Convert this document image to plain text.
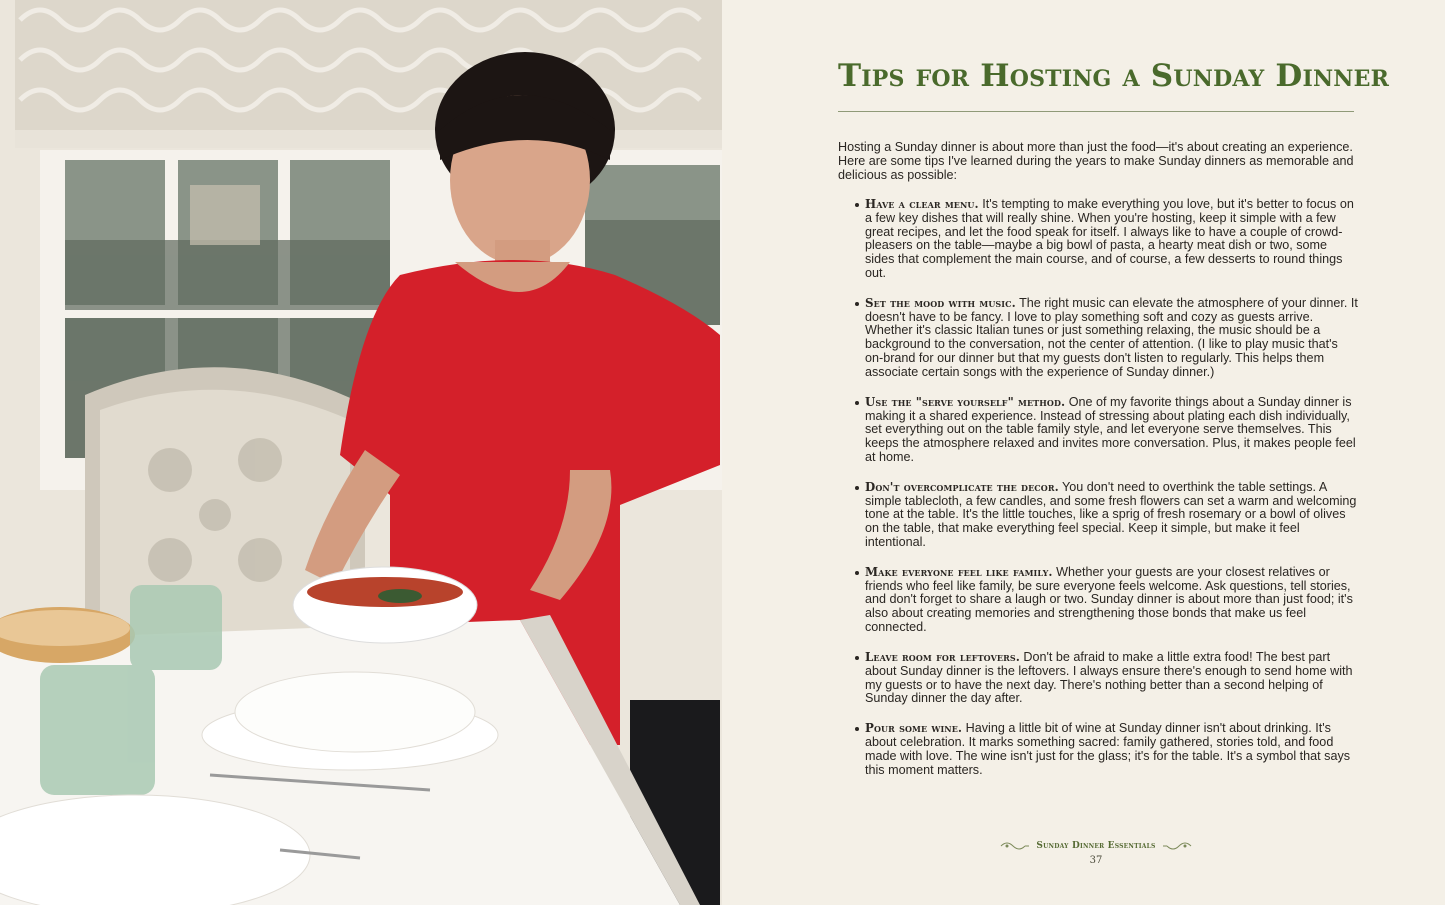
Tips for Hosting a Sunday Dinner

Hosting a Sunday dinner is about more than just the food—it's about creating an experience. Here are some tips I've learned during the years to make Sunday dinners as memorable and delicious as possible:

Have a clear menu. It's tempting to make everything you love, but it's better to focus on a few key dishes that will really shine. When you're hosting, keep it simple with a few great recipes, and let the food speak for itself. I always like to have a couple of crowd-pleasers on the table—maybe a big bowl of pasta, a hearty meat dish or two, some sides that complement the main course, and of course, a few desserts to round things out.
Set the mood with music. The right music can elevate the atmosphere of your dinner. It doesn't have to be fancy. I love to play something soft and cozy as guests arrive. Whether it's classic Italian tunes or just something relaxing, the music should be a background to the conversation, not the center of attention. (I like to play music that's on-brand for our dinner but that my guests don't listen to regularly. This helps them associate certain songs with the experience of Sunday dinner.)
Use the "serve yourself" method. One of my favorite things about a Sunday dinner is making it a shared experience. Instead of stressing about plating each dish individually, set everything out on the table family style, and let everyone serve themselves. This keeps the atmosphere relaxed and invites more conversation. Plus, it makes people feel at home.
Don't overcomplicate the decor. You don't need to overthink the table settings. A simple tablecloth, a few candles, and some fresh flowers can set a warm and welcoming tone at the table. It's the little touches, like a sprig of fresh rosemary or a bowl of olives on the table, that make everything feel special. Keep it simple, but make it feel intentional.
Make everyone feel like family. Whether your guests are your closest relatives or friends who feel like family, be sure everyone feels welcome. Ask questions, tell stories, and don't forget to share a laugh or two. Sunday dinner is about more than just food; it's also about creating memories and strengthening those bonds that make us feel connected.
Leave room for leftovers. Don't be afraid to make a little extra food! The best part about Sunday dinner is the leftovers. I always ensure there's enough to send home with my guests or to have the next day. There's nothing better than a second helping of Sunday dinner the day after.
Pour some wine. Having a little bit of wine at Sunday dinner isn't about drinking. It's about celebration. It marks something sacred: family gathered, stories told, and food made with love. The wine isn't just for the glass; it's for the table. It's a symbol that says this moment matters.
Sunday Dinner Essentials
37
